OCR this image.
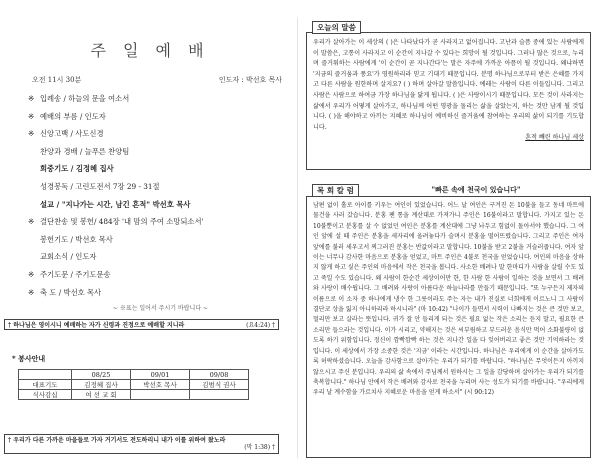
주 일 예 배
오전 11시 30분	인도자 : 박선호 목사
※ 입례송 / 하늘의 문을 여소서
※ 예배의 부름 / 인도자
※ 신앙고백 / 사도신경
찬양과 경배 / 늘푸른 찬양팀
회중기도 / 김정혜 집사
성경봉독 / 고린도전서 7장 29 - 31절
설교 / "지나가는 시간, 남긴 흔적" 박선호 목사
※ 결단찬송 및 봉헌/ 484장 '내 맘의 주여 소망되소서'
봉헌기도 / 박선호 목사
교회소식 / 인도자
※ 주기도문 / 주기도문송
※ 축 도 / 박선호 목사
~ ※표는 일어서 주시기 바랍니다 ~
† 하나님은 영이시니 예배하는 자가 신령과 진정으로 예배할 지니라	(요4:24) †
* 봉사안내
	08/25	09/01	09/08
대표기도	김정혜 집사	박선호 목사	김범식 권사
식사감십	여 선 교 회		
† 우리가 다른 가까운 마을들로 가자 거기서도 전도하리니 내가 이를 위하여 왔노라
(막 1:38) †
우리가 살아가는 이 세상의 ( )은 나타났다가 곧 사라지고 없어집니다. 고난과 슬픔 중에 있는 사람에게 이 말씀은, 고통이 사라지고 이 순간이 지나갈 수 있다는 희망이 될 것입니다. 그러나 많은 것으로, 누리며 즐거워하는 사람에게 '이 순간이 곧 지나간다'는 말은 자주에 가까운 아픔이 될 것입니다. 왜냐하면 '지금의 즐거움과 풍요'가 영원하리라 믿고 기대기 때문입니다. 분명 하나님으로부터 받은 은혜를 가지고 다른 사람을 원한하며 살지요? ( ) 하며 살아갈 말씀입니다. 예레는 사람이 다른 이들입니다. 그리고 사람은 사람으로 하여금 가장 하나님을 닮게 됩니다. ( )은 사랑이시기 때문입니다. 모든 것이 사라지는 삶에서 우리가 어떻게 살아가고, 하나님께 어떤 영광을 돌리는 삶을 살았는지, 하는 것만 남게 될 것입니다. ( )을 해야하고 아끼는 지혜로 하나님이 예비하신 즐거움에 참여하는 우리의 삶이 되기를 기도합니다.
혼적 빼린 하나님 세상
오늘의 말씀
남편 없이 홀로 아이를 키우는 여인이 있었습니다. 어느 날 여인은 구겨진 돈 10불을 들고 동네 마트에 물건을 사러 갔습니다. 분홍 팬 통을 계산대로 가져가니 주인은 16불이라고 말합니다. 가지고 있는 돈 10불뿐이고 분홍를 살 수 없었던 여인은 분홍를 계산대에 그냥 놔두고 힘없이 돌아서야 했습니다. 그 여인 앞에 설 때 주인은 분홍을 세자리에 올려놓다가 슬며시 분홍을 떨어뜨렸습니다. 그리고 주인은 여자 앞에를 불러 세우고서 찌그러진 분홍는 반값이라고 말합니다. 10불을 받고 2불을 거슬러줍니다. 여자 앞이는 너무나 감사한 마음으로 분홍을 얻었고, 마트 주인은 4불로 천국을 얻었습니다. 여인의 마음을 상하지 않게 하고 싶은 주인의 마음에서 작은 천국을 봅니다. 사소한 배려나 말 한마디가 사람을 살릴 수도 있고 죽일 수도 있습니다. 왜 사람이 한순간 세상이어만 한, 한 사람 한 사람이 일하는 것을 보면서 그 배려와 사랑이 배수됩니다. 그 배려와 사랑이 아름다운 하늘나라를 만들기 때문입니다. "또 누구든지 제자의 이름으로 이 소자 중 하나에게 냉수 한 그릇이라도 주는 자는 내가 진실로 너희에게 이르노니 그 사람이 결단코 상을 잃지 아니하리라 하시니라" (마 10:42) "나이가 들면서 시력이 나빠지는 것은 큰 것만 보고, 멀리만 보고 살라는 뜻입니다. 귀가 잘 안 들리게 되는 것은 필요 없는 작은 소리는 듣지 말고, 필요한 큰 소리만 들으라는 것입니다. 이가 시리고, 약해지는 것은 씨부림하고 부드러운 음식만 먹어 소화불량이 없도록 하기 위함입니다. 정신이 깜빡깜빡 하는 것은 지나간 일을 다 잊어버리고 좋은 것만 기억하라는 것입니다. 이 세상에서 가장 소중한 것은 '지금' 이라는 시간입니다. 하나님은 우리에게 이 순간을 살아가도록 허락하셨습니다. 오늘을 감사함으로 살아가는 우리가 되기를 바랍니다. "하나님은 무엇이든지 아끼지 않으시고 주신 분입니다. 우리의 삶 속에서 주님께서 원하시는 그 일을 감당하며 살아가는 우리가 되기를 축복합니다." 하나님 안에서 작은 배려와 감사로 천국을 누리며 사는 성도가 되기를 바랍니다. "우리에게 우리 날 계수함을 가르치사 지혜로운 마음을 얻게 하소서" (시 90:12)
목 회 칼 럼	"빠른 속에 천국이 있습니다"
